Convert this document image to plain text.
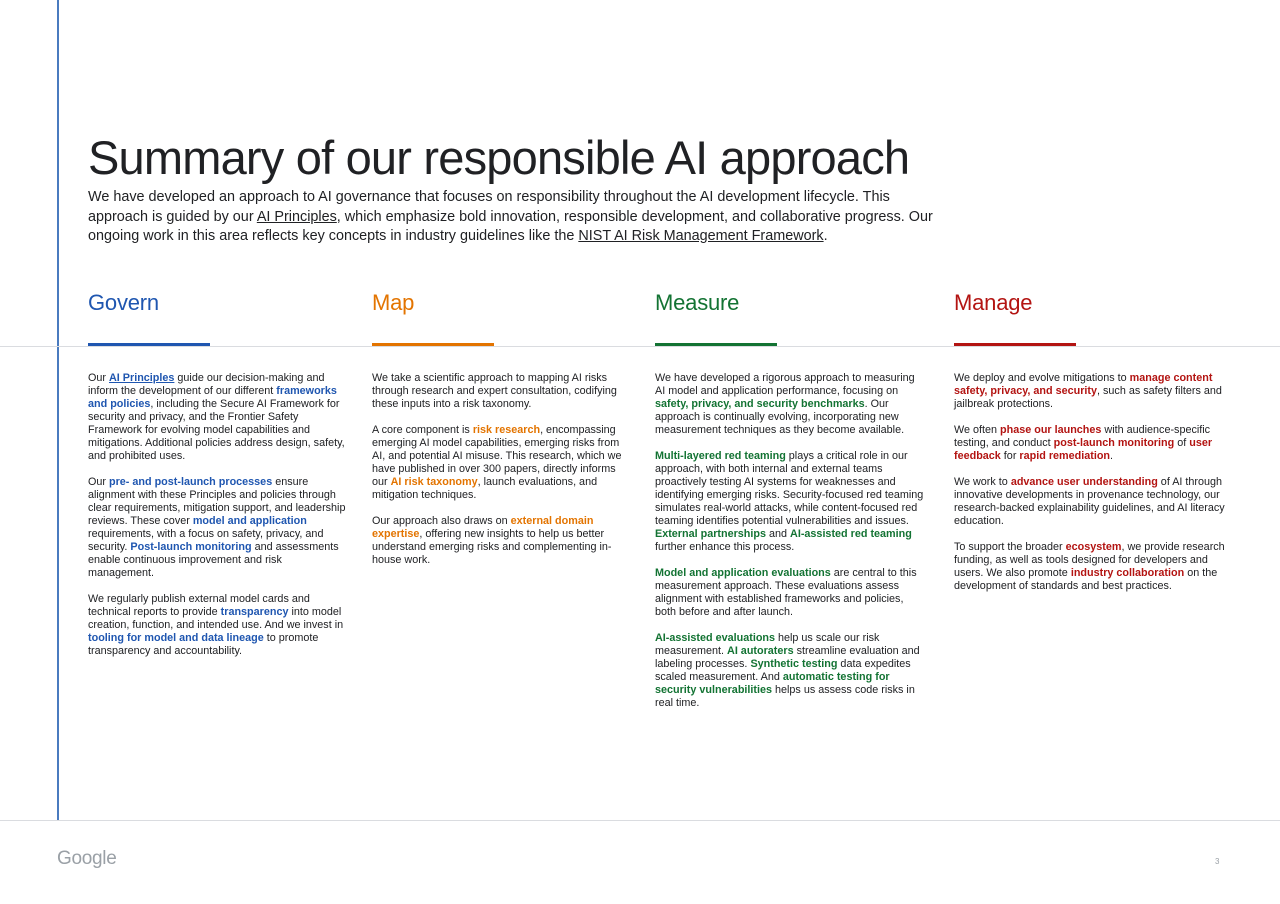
Summary of our responsible AI approach

We have developed an approach to AI governance that focuses on responsibility throughout the AI development lifecycle. This approach is guided by our AI Principles, which emphasize bold innovation, responsible development, and collaborative progress. Our ongoing work in this area reflects key concepts in industry guidelines like the NIST AI Risk Management Framework.

Govern

Our AI Principles guide our decision-making and inform the development of our different frameworks and policies, including the Secure AI Framework for security and privacy, and the Frontier Safety Framework for evolving model capabilities and mitigations. Additional policies address design, safety, and prohibited uses.

Our pre- and post-launch processes ensure alignment with these Principles and policies through clear requirements, mitigation support, and leadership reviews. These cover model and application requirements, with a focus on safety, privacy, and security. Post-launch monitoring and assessments enable continuous improvement and risk management.

We regularly publish external model cards and technical reports to provide transparency into model creation, function, and intended use. And we invest in tooling for model and data lineage to promote transparency and accountability.

Map

We take a scientific approach to mapping AI risks through research and expert consultation, codifying these inputs into a risk taxonomy.

A core component is risk research, encompassing emerging AI model capabilities, emerging risks from AI, and potential AI misuse. This research, which we have published in over 300 papers, directly informs our AI risk taxonomy, launch evaluations, and mitigation techniques.

Our approach also draws on external domain expertise, offering new insights to help us better understand emerging risks and complementing in-house work.

Measure

We have developed a rigorous approach to measuring AI model and application performance, focusing on safety, privacy, and security benchmarks. Our approach is continually evolving, incorporating new measurement techniques as they become available.

Multi-layered red teaming plays a critical role in our approach, with both internal and external teams proactively testing AI systems for weaknesses and identifying emerging risks. Security-focused red teaming simulates real-world attacks, while content-focused red teaming identifies potential vulnerabilities and issues. External partnerships and AI-assisted red teaming further enhance this process.

Model and application evaluations are central to this measurement approach. These evaluations assess alignment with established frameworks and policies, both before and after launch.

AI-assisted evaluations help us scale our risk measurement. AI autoraters streamline evaluation and labeling processes. Synthetic testing data expedites scaled measurement. And automatic testing for security vulnerabilities helps us assess code risks in real time.

Manage

We deploy and evolve mitigations to manage content safety, privacy, and security, such as safety filters and jailbreak protections.

We often phase our launches with audience-specific testing, and conduct post-launch monitoring of user feedback for rapid remediation.

We work to advance user understanding of AI through innovative developments in provenance technology, our research-backed explainability guidelines, and AI literacy education.

To support the broader ecosystem, we provide research funding, as well as tools designed for developers and users. We also promote industry collaboration on the development of standards and best practices.

Google	3
